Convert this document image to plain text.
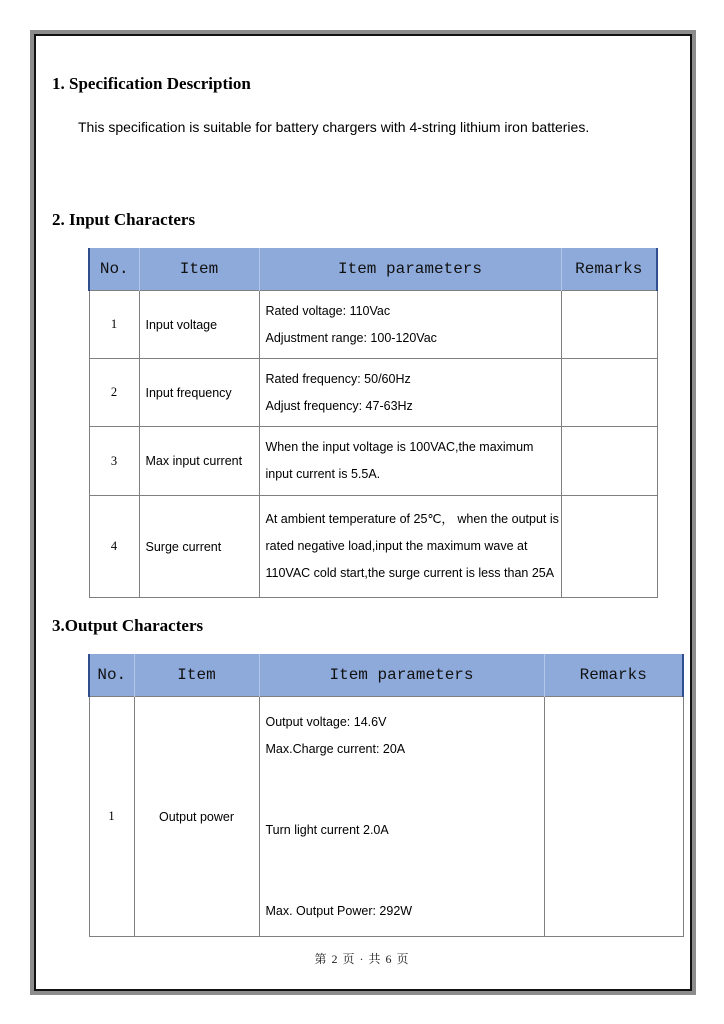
1. Specification Description
This specification is suitable for battery chargers with 4-string lithium iron batteries.
2. Input Characters
No.	Item	Item parameters	Remarks
1	Input voltage	Rated voltage: 110Vac
Adjustment range: 100-120Vac	

2	Input frequency	Rated frequency: 50/60Hz
Adjust frequency: 47-63Hz	

3	Max input current	When the input voltage is 100VAC,the maximum
input current is 5.5A.	

4	Surge current	At ambient temperature of 25℃， when the output is
rated negative load,input the maximum wave at
110VAC cold start,the surge current is less than 25A	

3.Output Characters
No.	Item	Item parameters	Remarks
1	Output power	Output voltage: 14.6V
Max.Charge current: 20A
Turn light current 2.0A
Max. Output Power: 292W	

第 2 页 · 共 6 页
